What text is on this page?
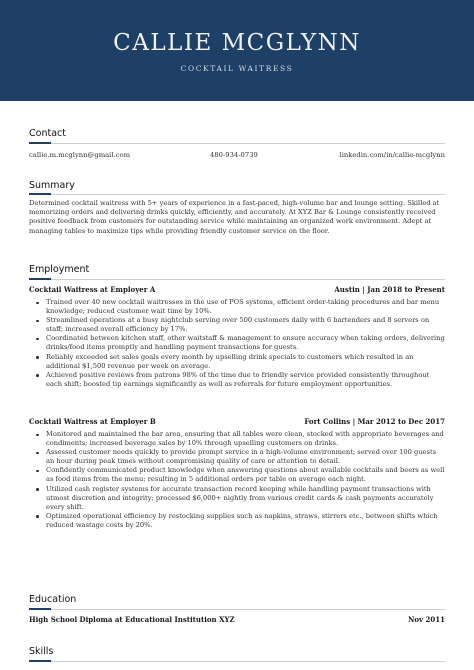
CALLIE MCGLYNN
COCKTAIL WAITRESS
Contact
callie.m.mcglynn@gmail.com	480-934-0739	linkedin.com/in/callie-mcglynn
Summary
Determined cocktail waitress with 5+ years of experience in a fast-paced, high-volume bar and lounge setting. Skilled at memorizing orders and delivering drinks quickly, efficiently, and accurately. At XYZ Bar & Lounge consistently received positive feedback from customers for outstanding service while maintaining an organized work environment. Adept at managing tables to maximize tips while providing friendly customer service on the floor.
Employment
Cocktail Waitress at Employer A	Austin | Jan 2018 to Present
Trained over 40 new cocktail waitresses in the use of POS systems, efficient order-taking procedures and bar menu knowledge; reduced customer wait time by 10%.
Streamlined operations at a busy nightclub serving over 500 customers daily with 6 bartenders and 8 servers on staff; increased overall efficiency by 17%.
Coordinated between kitchen staff, other waitstaff & management to ensure accuracy when taking orders, delivering drinks/food items promptly and handling payment transactions for guests.
Reliably exceeded set sales goals every month by upselling drink specials to customers which resulted in an additional $1,500 revenue per week on average.
Achieved positive reviews from patrons 98% of the time due to friendly service provided consistently throughout each shift; boosted tip earnings significantly as well as referrals for future employment opportunities.
Cocktail Waitress at Employer B	Fort Collins | Mar 2012 to Dec 2017
Monitored and maintained the bar area, ensuring that all tables were clean, stocked with appropriate beverages and condiments; increased beverage sales by 10% through upselling customers on drinks.
Assessed customer needs quickly to provide prompt service in a high-volume environment; served over 100 guests an hour during peak times without compromising quality of care or attention to detail.
Confidently communicated product knowledge when answering questions about available cocktails and beers as well as food items from the menu; resulting in 5 additional orders per table on average each night.
Utilized cash register systems for accurate transaction record keeping while handling payment transactions with utmost discretion and integrity; processed $6,000+ nightly from various credit cards & cash payments accurately every shift.
Optimized operational efficiency by restocking supplies such as napkins, straws, stirrers etc., between shifts which reduced wastage costs by 20%.
Education
High School Diploma at Educational Institution XYZ	Nov 2011
Skills
